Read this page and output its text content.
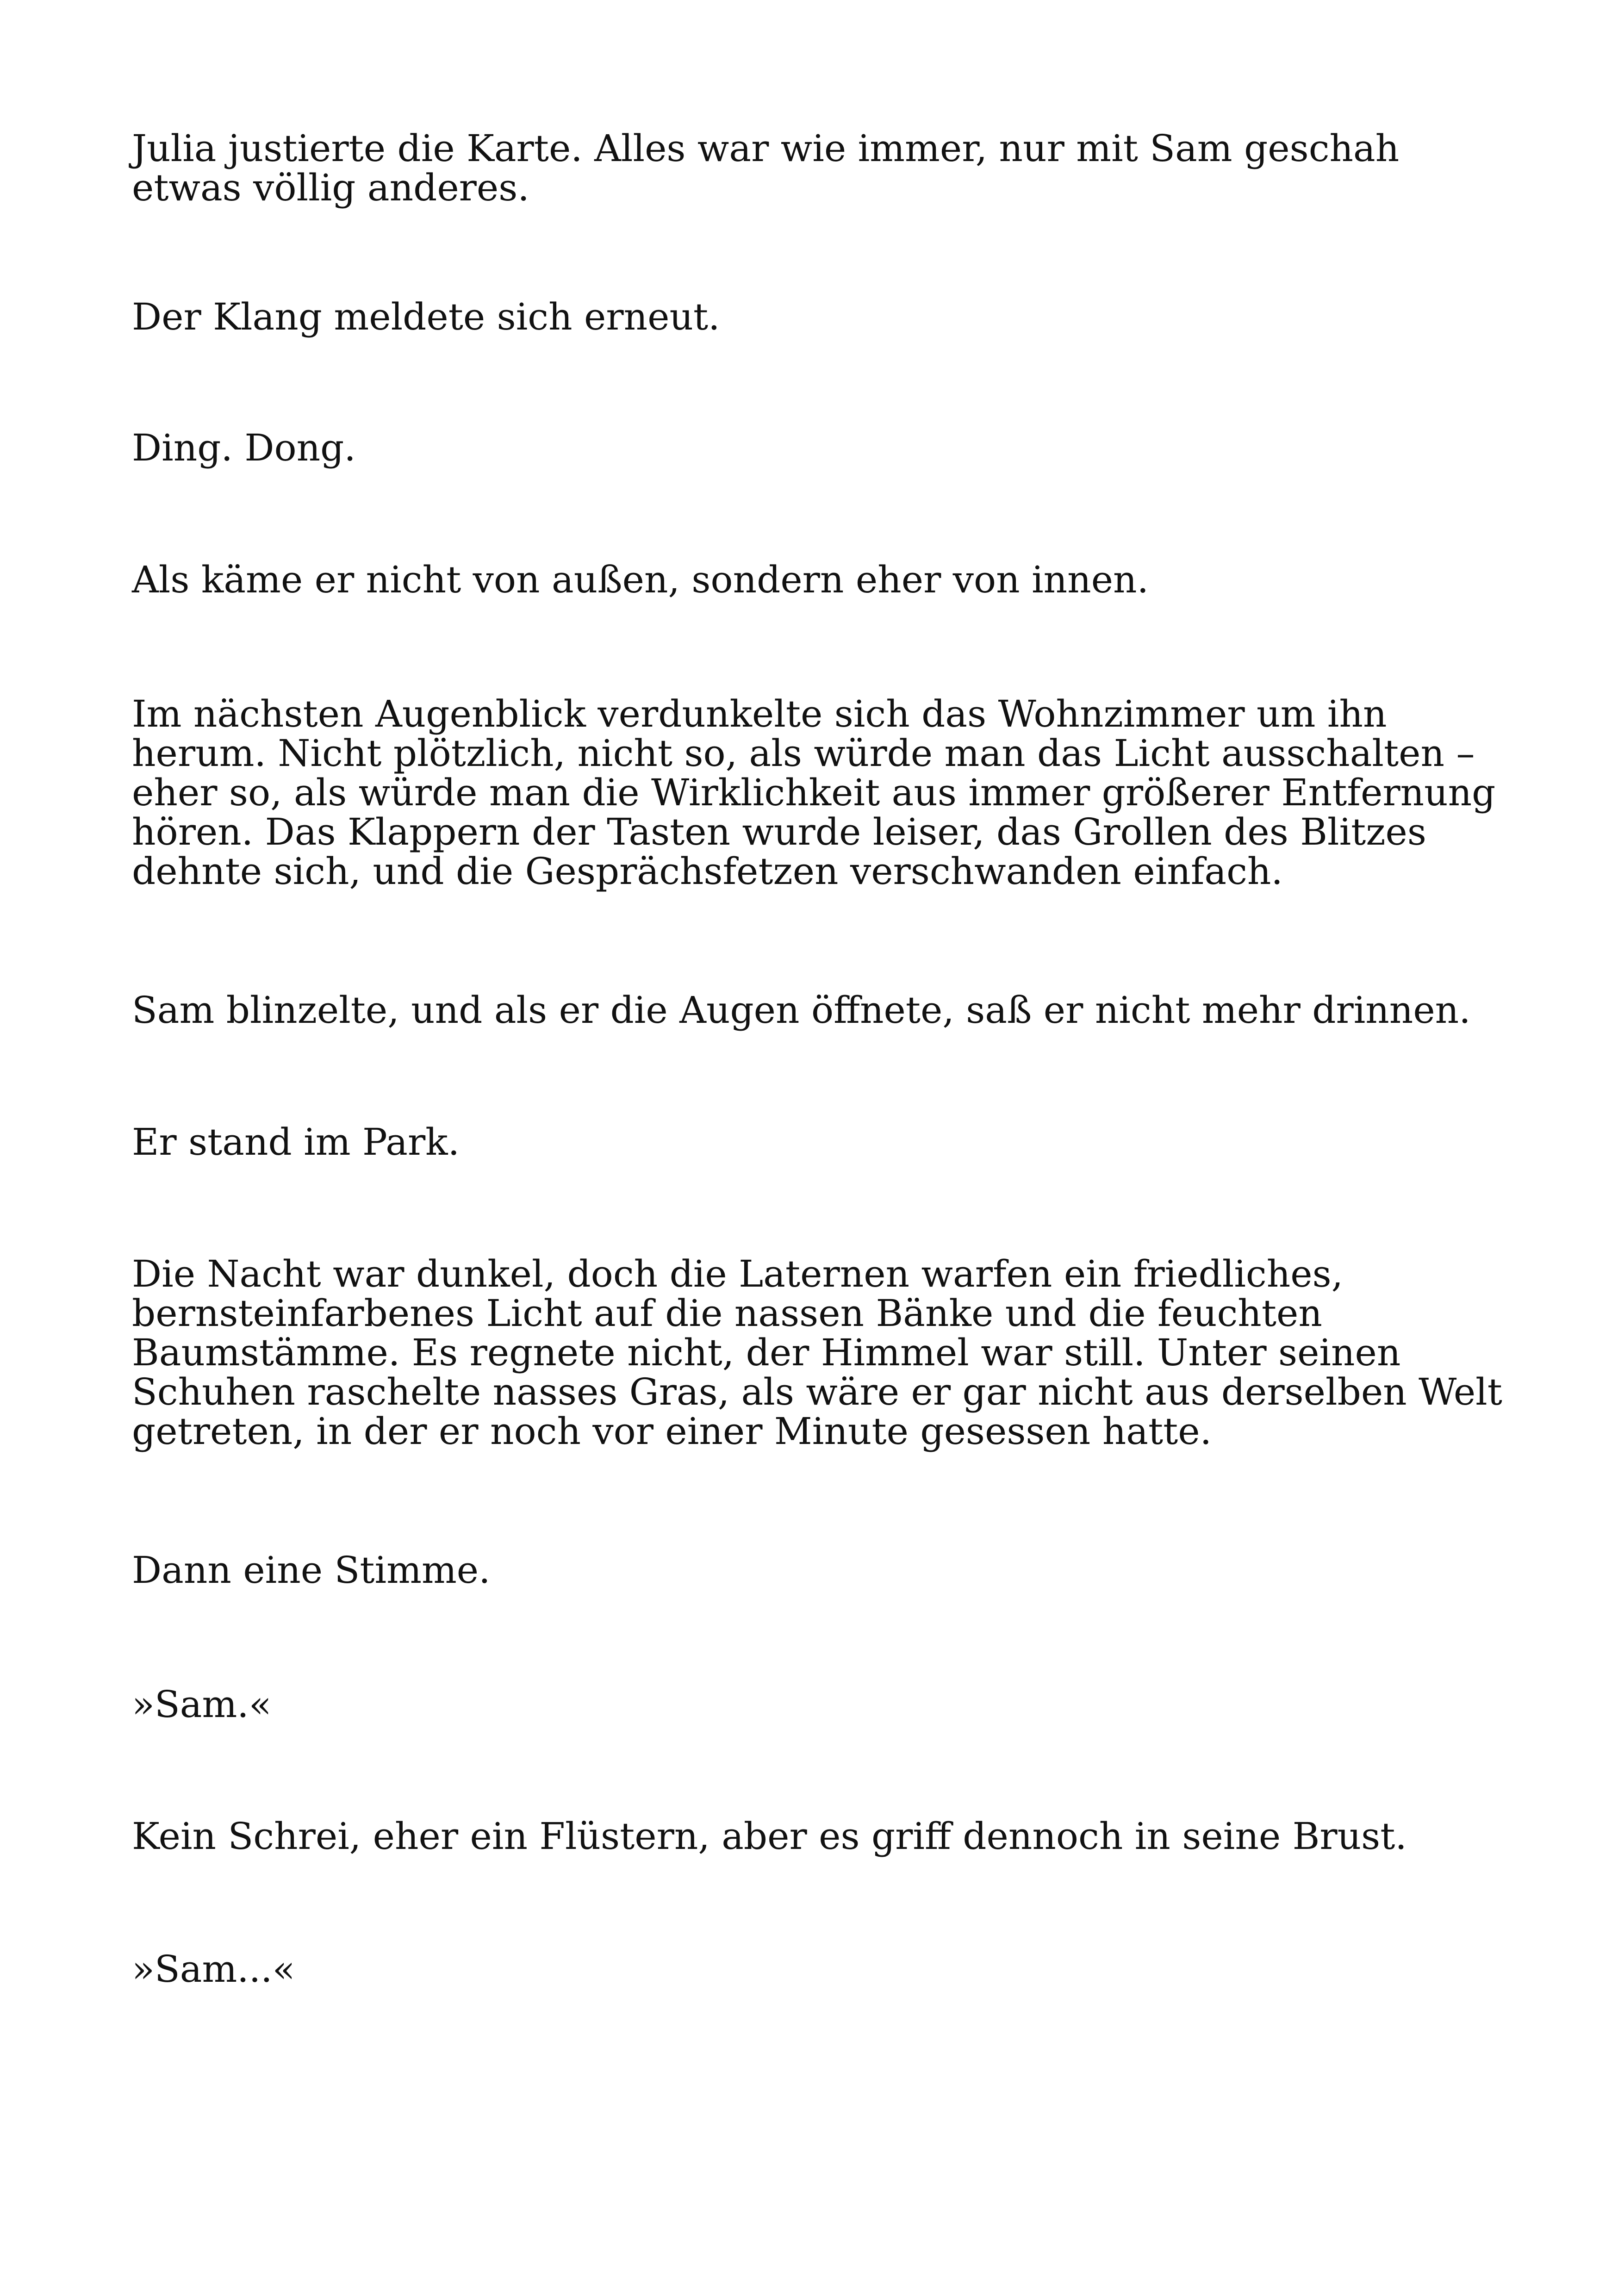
Julia justierte die Karte. Alles war wie immer, nur mit Sam geschah
etwas völlig anderes.

Der Klang meldete sich erneut.

Ding. Dong.

Als käme er nicht von außen, sondern eher von innen.

Im nächsten Augenblick verdunkelte sich das Wohnzimmer um ihn
herum. Nicht plötzlich, nicht so, als würde man das Licht ausschalten –
eher so, als würde man die Wirklichkeit aus immer größerer Entfernung
hören. Das Klappern der Tasten wurde leiser, das Grollen des Blitzes
dehnte sich, und die Gesprächsfetzen verschwanden einfach.

Sam blinzelte, und als er die Augen öffnete, saß er nicht mehr drinnen.

Er stand im Park.

Die Nacht war dunkel, doch die Laternen warfen ein friedliches,
bernsteinfarbenes Licht auf die nassen Bänke und die feuchten
Baumstämme. Es regnete nicht, der Himmel war still. Unter seinen
Schuhen raschelte nasses Gras, als wäre er gar nicht aus derselben Welt
getreten, in der er noch vor einer Minute gesessen hatte.

Dann eine Stimme.

»Sam.«

Kein Schrei, eher ein Flüstern, aber es griff dennoch in seine Brust.

»Sam...«
